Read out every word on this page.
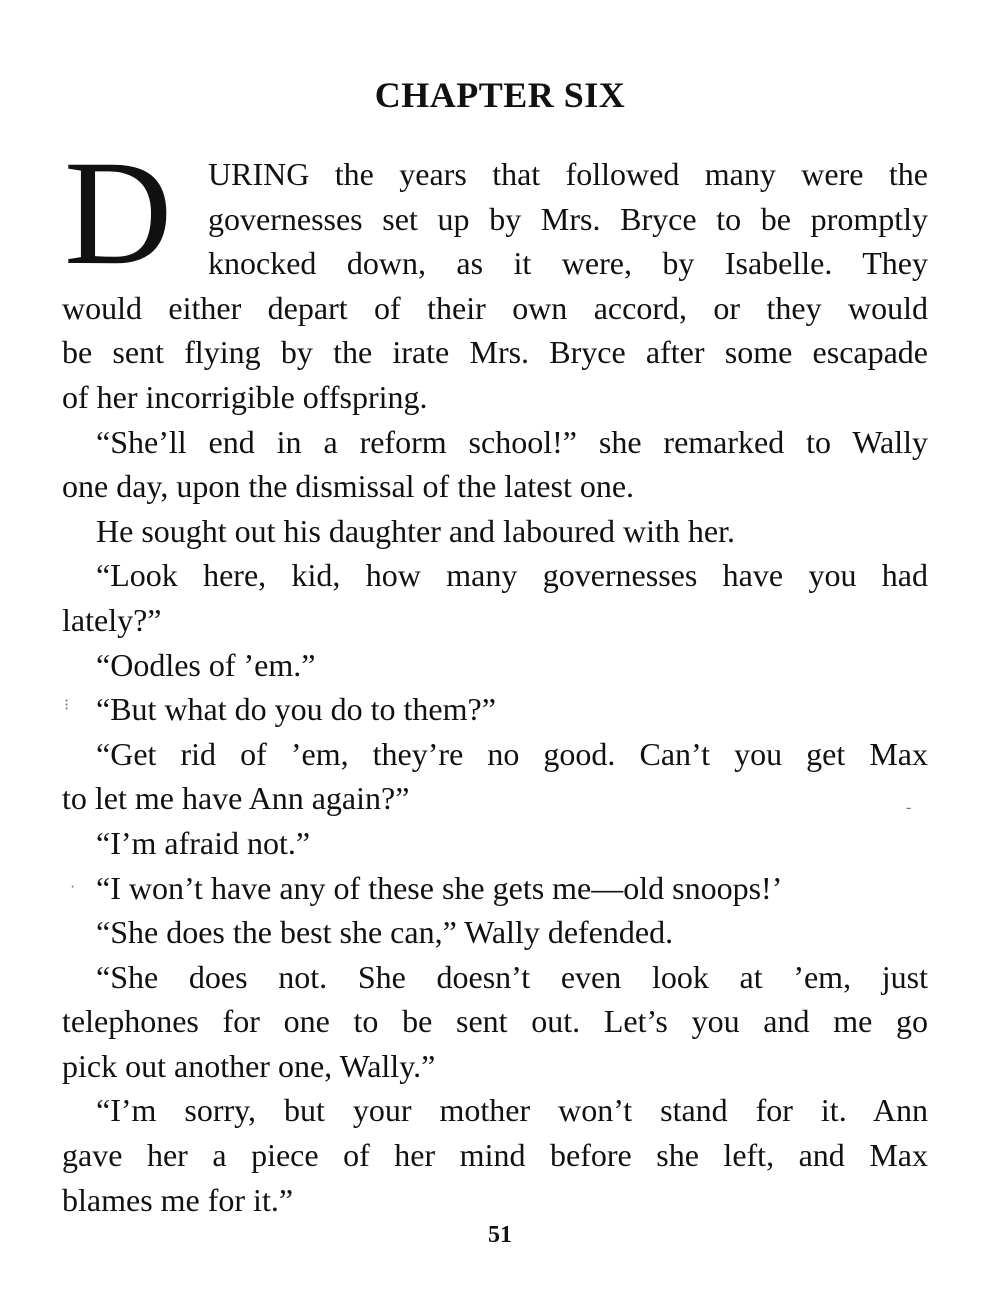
CHAPTER SIX
D	URING the years that followed many were the
governesses set up by Mrs. Bryce to be promptly
knocked down, as it were, by Isabelle. They
would either depart of their own accord, or they would
be sent flying by the irate Mrs. Bryce after some escapade
of her incorrigible offspring.
“She’ll end in a reform school!” she remarked to Wally
one day, upon the dismissal of the latest one.
He sought out his daughter and laboured with her.
“Look here, kid, how many governesses have you had
lately?”
“Oodles of ’em.”
“But what do you do to them?”
“Get rid of ’em, they’re no good. Can’t you get Max
to let me have Ann again?”
“I’m afraid not.”
“I won’t have any of these she gets me—old snoops!’
“She does the best she can,” Wally defended.
“She does not. She doesn’t even look at ’em, just
telephones for one to be sent out. Let’s you and me go
pick out another one, Wally.”
“I’m sorry, but your mother won’t stand for it. Ann
gave her a piece of her mind before she left, and Max
blames me for it.”
51
⁝
·
-
